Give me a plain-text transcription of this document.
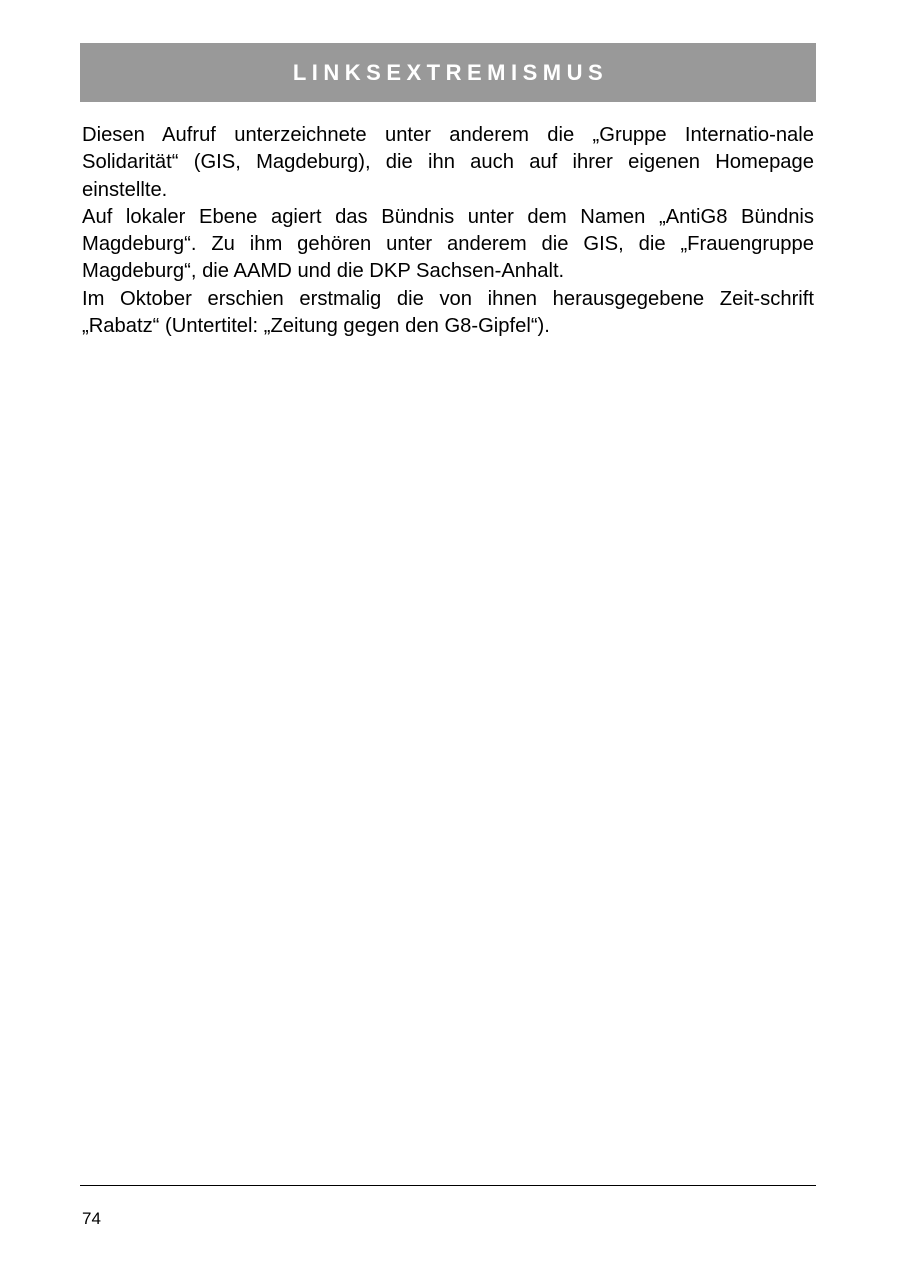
LINKSEXTREMISMUS

Diesen Aufruf unterzeichnete unter anderem die „Gruppe Internatio-nale Solidarität“ (GIS, Magdeburg), die ihn auch auf ihrer eigenen Homepage einstellte.

Auf lokaler Ebene agiert das Bündnis unter dem Namen „AntiG8 Bündnis Magdeburg“. Zu ihm gehören unter anderem die GIS, die „Frauengruppe Magdeburg“, die AAMD und die DKP Sachsen-Anhalt.

Im Oktober erschien erstmalig die von ihnen herausgegebene Zeit-schrift „Rabatz“ (Untertitel: „Zeitung gegen den G8-Gipfel“).

74
